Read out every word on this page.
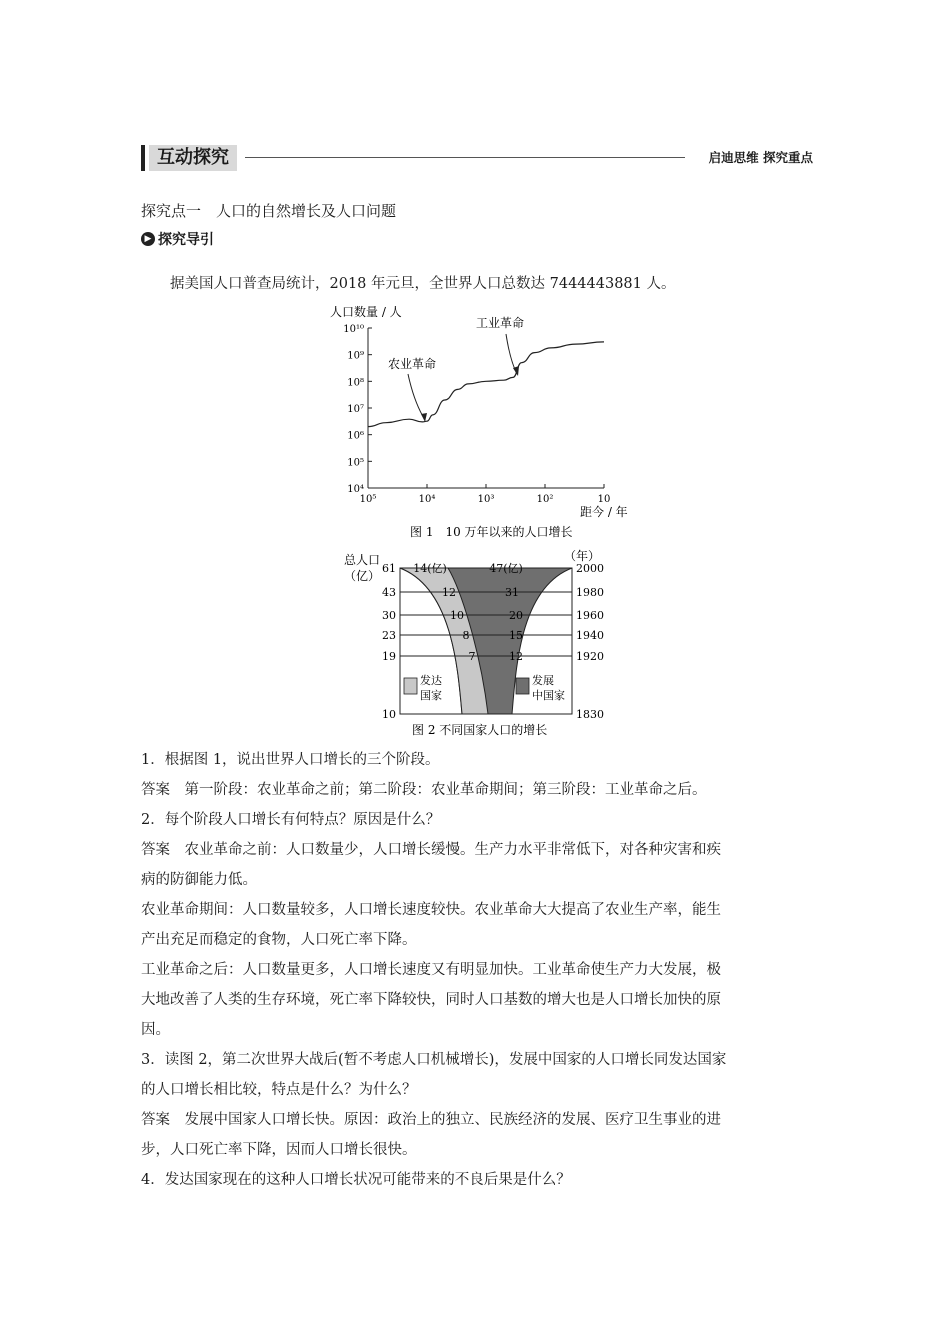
互动探究	启迪思维 探究重点
探究点一　人口的自然增长及人口问题
▶ 探究导引
据美国人口普查局统计，2018 年元旦，全世界人口总数达 7444443881 人。
人口数量 / 人
10⁴
10⁵
10⁶
10⁷
10⁸
10⁹
10¹⁰
10⁵	10⁴	10³	10²	10
农业革命
工业革命
距今 / 年
图 1　10 万年以来的人口增长
总人口
（亿）
（年）
61	2000
14(亿)	47(亿)
43	1980
12	31
30	1960
10	20
23	1940
8	15
19	1920
7	12
发达
国家
发展
中国家
10	1830
图 2 不同国家人口的增长
1．根据图 1，说出世界人口增长的三个阶段。
答案　第一阶段：农业革命之前；第二阶段：农业革命期间；第三阶段：工业革命之后。
2．每个阶段人口增长有何特点？原因是什么？
答案　农业革命之前：人口数量少，人口增长缓慢。生产力水平非常低下，对各种灾害和疾
病的防御能力低。
农业革命期间：人口数量较多，人口增长速度较快。农业革命大大提高了农业生产率，能生
产出充足而稳定的食物，人口死亡率下降。
工业革命之后：人口数量更多，人口增长速度又有明显加快。工业革命使生产力大发展，极
大地改善了人类的生存环境，死亡率下降较快，同时人口基数的增大也是人口增长加快的原
因。
3．读图 2，第二次世界大战后(暂不考虑人口机械增长)，发展中国家的人口增长同发达国家
的人口增长相比较，特点是什么？为什么？
答案　发展中国家人口增长快。原因：政治上的独立、民族经济的发展、医疗卫生事业的进
步，人口死亡率下降，因而人口增长很快。
4．发达国家现在的这种人口增长状况可能带来的不良后果是什么？
